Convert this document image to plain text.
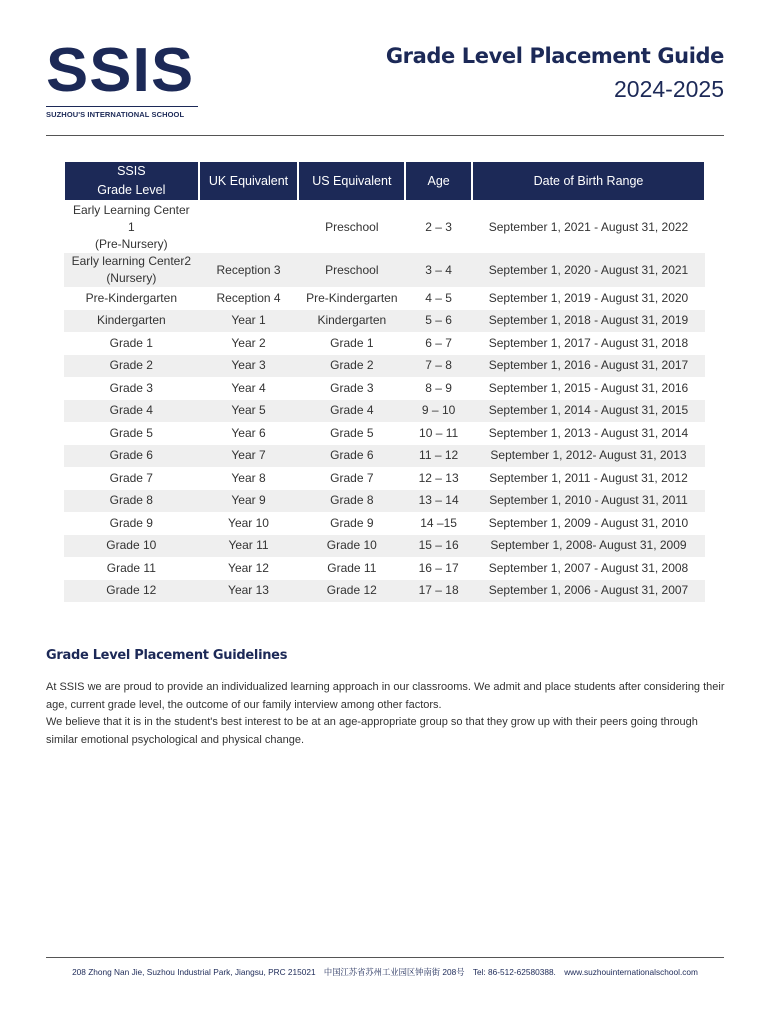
SSIS
SUZHOU'S INTERNATIONAL SCHOOL
Grade Level Placement Guide
2024-2025
SSIS
Grade Level	UK Equivalent	US Equivalent	Age	Date of Birth Range
Early Learning Center 1
(Pre-Nursery)		Preschool	2 – 3	September 1, 2021 - August 31, 2022
Early learning Center2
(Nursery)	Reception 3	Preschool	3 – 4	September 1, 2020 - August 31, 2021
Pre-Kindergarten	Reception 4	Pre-Kindergarten	4 – 5	September 1, 2019 - August 31, 2020
Kindergarten	Year 1	Kindergarten	5 – 6	September 1, 2018 - August 31, 2019
Grade 1	Year 2	Grade 1	6 – 7	September 1, 2017 - August 31, 2018
Grade 2	Year 3	Grade 2	7 – 8	September 1, 2016 - August 31, 2017
Grade 3	Year 4	Grade 3	8 – 9	September 1, 2015 - August 31, 2016
Grade 4	Year 5	Grade 4	9 – 10	September 1, 2014 - August 31, 2015
Grade 5	Year 6	Grade 5	10 – 11	September 1, 2013 - August 31, 2014
Grade 6	Year 7	Grade 6	11 – 12	September 1, 2012- August 31, 2013
Grade 7	Year 8	Grade 7	12 – 13	September 1, 2011 - August 31, 2012
Grade 8	Year 9	Grade 8	13 – 14	September 1, 2010 - August 31, 2011
Grade 9	Year 10	Grade 9	14 –15	September 1, 2009 - August 31, 2010
Grade 10	Year 11	Grade 10	15 – 16	September 1, 2008- August 31, 2009
Grade 11	Year 12	Grade 11	16 – 17	September 1, 2007 - August 31, 2008
Grade 12	Year 13	Grade 12	17 – 18	September 1, 2006 - August 31, 2007
Grade Level Placement Guidelines

At SSIS we are proud to provide an individualized learning approach in our classrooms. We admit and place students after considering their age, current grade level, the outcome of our family interview among other factors.

We believe that it is in the student's best interest to be at an age-appropriate group so that they grow up with their peers going through similar emotional psychological and physical change.

208 Zhong Nan Jie, Suzhou Industrial Park, Jiangsu, PRC 215021 中国江苏省苏州工业园区钟南街 208号 Tel: 86-512-62580388. www.suzhouinternationalschool.com
